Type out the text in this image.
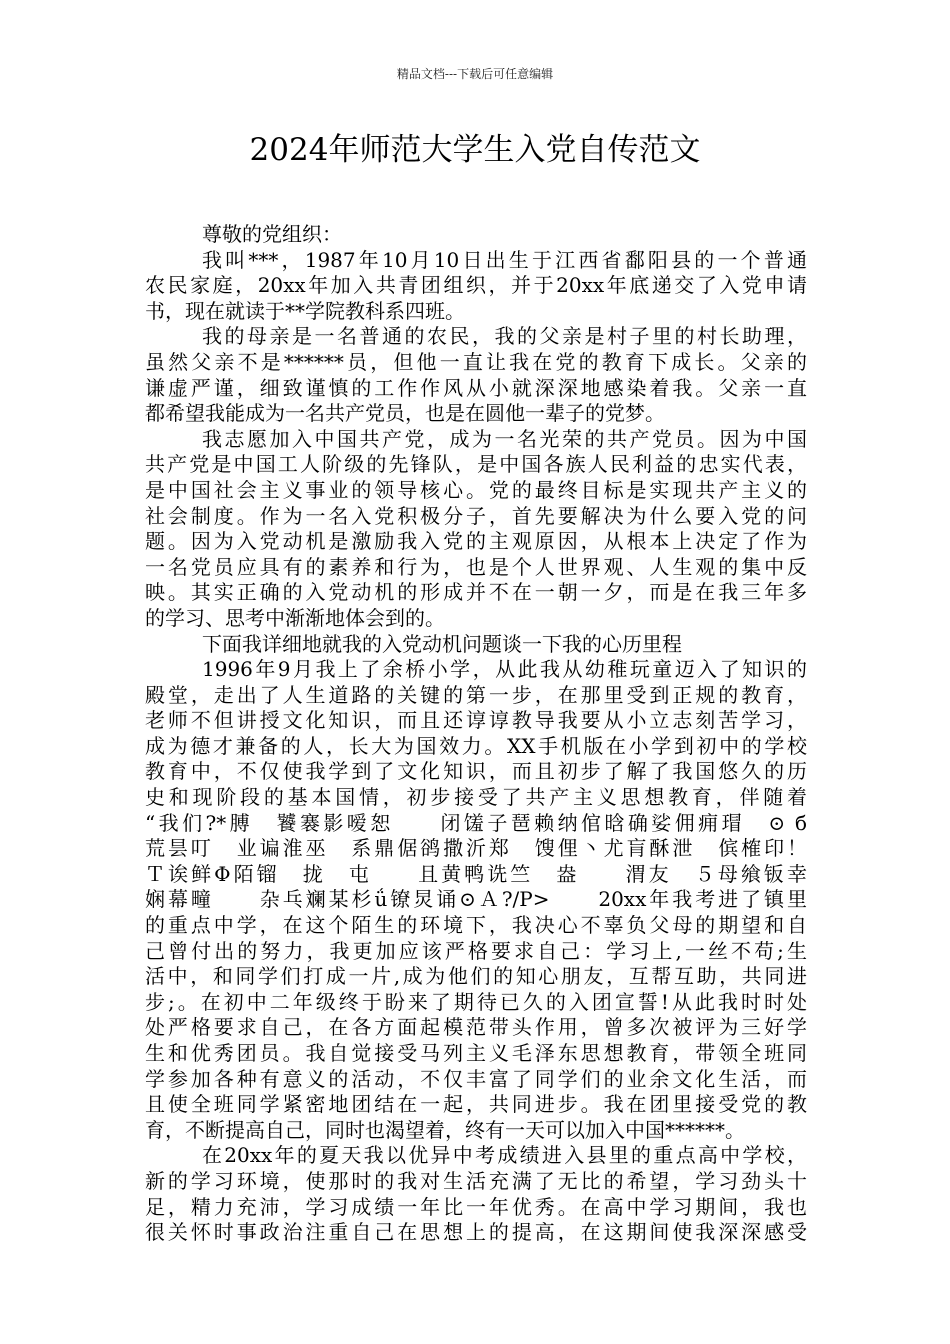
精品文档---下载后可任意编辑
2024年师范大学生入党自传范文
尊敬的党组织：
我叫***，1987年10月10日出生于江西省鄱阳县的一个普通
农民家庭，20xx年加入共青团组织，并于20xx年底递交了入党申请
书，现在就读于**学院教科系四班。
我的母亲是一名普通的农民，我的父亲是村子里的村长助理，
虽然父亲不是******员，但他一直让我在党的教育下成长。父亲的
谦虚严谨，细致谨慎的工作作风从小就深深地感染着我。父亲一直
都希望我能成为一名共产党员，也是在圆他一辈子的党梦。
我志愿加入中国共产党，成为一名光荣的共产党员。因为中国
共产党是中国工人阶级的先锋队，是中国各族人民利益的忠实代表，
是中国社会主义事业的领导核心。党的最终目标是实现共产主义的
社会制度。作为一名入党积极分子，首先要解决为什么要入党的问
题。因为入党动机是激励我入党的主观原因，从根本上决定了作为
一名党员应具有的素养和行为，也是个人世界观、人生观的集中反
映。其实正确的入党动机的形成并不在一朝一夕，而是在我三年多
的学习、思考中渐渐地体会到的。
下面我详细地就我的入党动机问题谈一下我的心历里程
1996年9月我上了余桥小学，从此我从幼稚玩童迈入了知识的
殿堂，走出了人生道路的关键的第一步，在那里受到正规的教育，
老师不但讲授文化知识，而且还谆谆教导我要从小立志刻苦学习，
成为德才兼备的人，长大为国效力。XX手机版在小学到初中的学校
教育中，不仅使我学到了文化知识，而且初步了解了我国悠久的历
史和现阶段的基本国情，初步接受了共产主义思想教育，伴随着
“我们?*膊　饕褰影嗳恕　　闭馐子琶赖纳倌晗确娑佣痈瑁　⊙ б
荒昙叮　业谝淮巫　系鼎倨鹆撒沂郑　馊俚丶尤肓酥泄　傧榷印！
Ｔ诶鲜Φ陌镏　拢　屯　　且黄鸭诜竺　盎　　渭友　５母飨钣幸
娴幕疃　　杂乓斓某杉ǘ镣炅诵⊙Ａ?/P>　　20xx年我考进了镇里
的重点中学，在这个陌生的环境下，我决心不辜负父母的期望和自
己曾付出的努力，我更加应该严格要求自己：学习上,一丝不苟;生
活中，和同学们打成一片,成为他们的知心朋友，互帮互助，共同进
步;。在初中二年级终于盼来了期待已久的入团宣誓!从此我时时处
处严格要求自己，在各方面起模范带头作用，曾多次被评为三好学
生和优秀团员。我自觉接受马列主义毛泽东思想教育，带领全班同
学参加各种有意义的活动，不仅丰富了同学们的业余文化生活，而
且使全班同学紧密地团结在一起，共同进步。我在团里接受党的教
育，不断提高自己，同时也渴望着，终有一天可以加入中国******。
在20xx年的夏天我以优异中考成绩进入县里的重点高中学校，
新的学习环境，使那时的我对生活充满了无比的希望，学习劲头十
足，精力充沛，学习成绩一年比一年优秀。在高中学习期间，我也
很关怀时事政治注重自己在思想上的提高，在这期间使我深深感受
